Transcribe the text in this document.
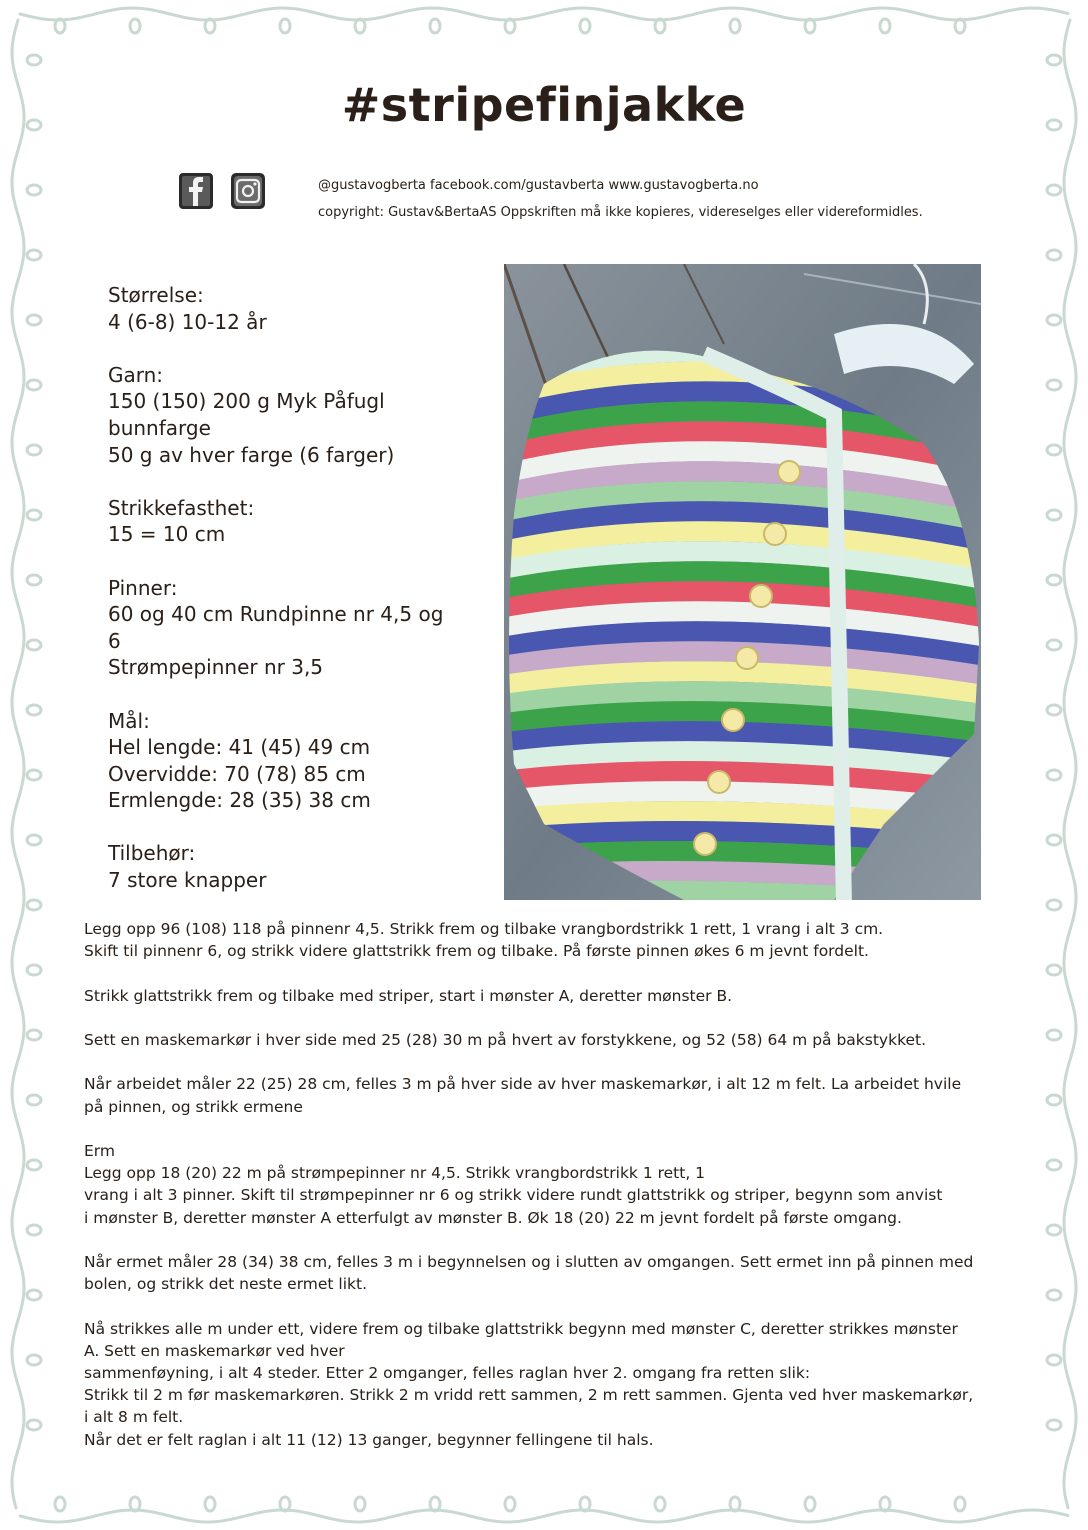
#stripefinjakke
@gustavogberta facebook.com/gustavberta www.gustavogberta.no
copyright: Gustav&BertaAS Oppskriften må ikke kopieres, videreselges eller videreformidles.
Størrelse:
4 (6-8) 10-12 år
Garn:
150 (150) 200 g Myk Påfugl
bunnfarge
50 g av hver farge (6 farger)
Strikkefasthet:
15 = 10 cm
Pinner:
60 og 40 cm Rundpinne nr 4,5 og
6
Strømpepinner nr 3,5
Mål:
Hel lengde: 41 (45) 49 cm
Overvidde: 70 (78) 85 cm
Ermlengde: 28 (35) 38 cm
Tilbehør:
7 store knapper
Legg opp 96 (108) 118 på pinnenr 4,5. Strikk frem og tilbake vrangbordstrikk 1 rett, 1 vrang i alt 3 cm.
Skift til pinnenr 6, og strikk videre glattstrikk frem og tilbake. På første pinnen økes 6 m jevnt fordelt.
Strikk glattstrikk frem og tilbake med striper, start i mønster A, deretter mønster B.
Sett en maskemarkør i hver side med 25 (28) 30 m på hvert av forstykkene, og 52 (58) 64 m på bakstykket.
Når arbeidet måler 22 (25) 28 cm, felles 3 m på hver side av hver maskemarkør, i alt 12 m felt. La arbeidet hvile
på pinnen, og strikk ermene
Erm
Legg opp 18 (20) 22 m på strømpepinner nr 4,5. Strikk vrangbordstrikk 1 rett, 1
vrang i alt 3 pinner. Skift til strømpepinner nr 6 og strikk videre rundt glattstrikk og striper, begynn som anvist
i mønster B, deretter mønster A etterfulgt av mønster B. Øk 18 (20) 22 m jevnt fordelt på første omgang.
Når ermet måler 28 (34) 38 cm, felles 3 m i begynnelsen og i slutten av omgangen. Sett ermet inn på pinnen med
bolen, og strikk det neste ermet likt.
Nå strikkes alle m under ett, videre frem og tilbake glattstrikk begynn med mønster C, deretter strikkes mønster
A. Sett en maskemarkør ved hver
sammenføyning, i alt 4 steder. Etter 2 omganger, felles raglan hver 2. omgang fra retten slik:
Strikk til 2 m før maskemarkøren. Strikk 2 m vridd rett sammen, 2 m rett sammen. Gjenta ved hver maskemarkør,
i alt 8 m felt.
Når det er felt raglan i alt 11 (12) 13 ganger, begynner fellingene til hals.
